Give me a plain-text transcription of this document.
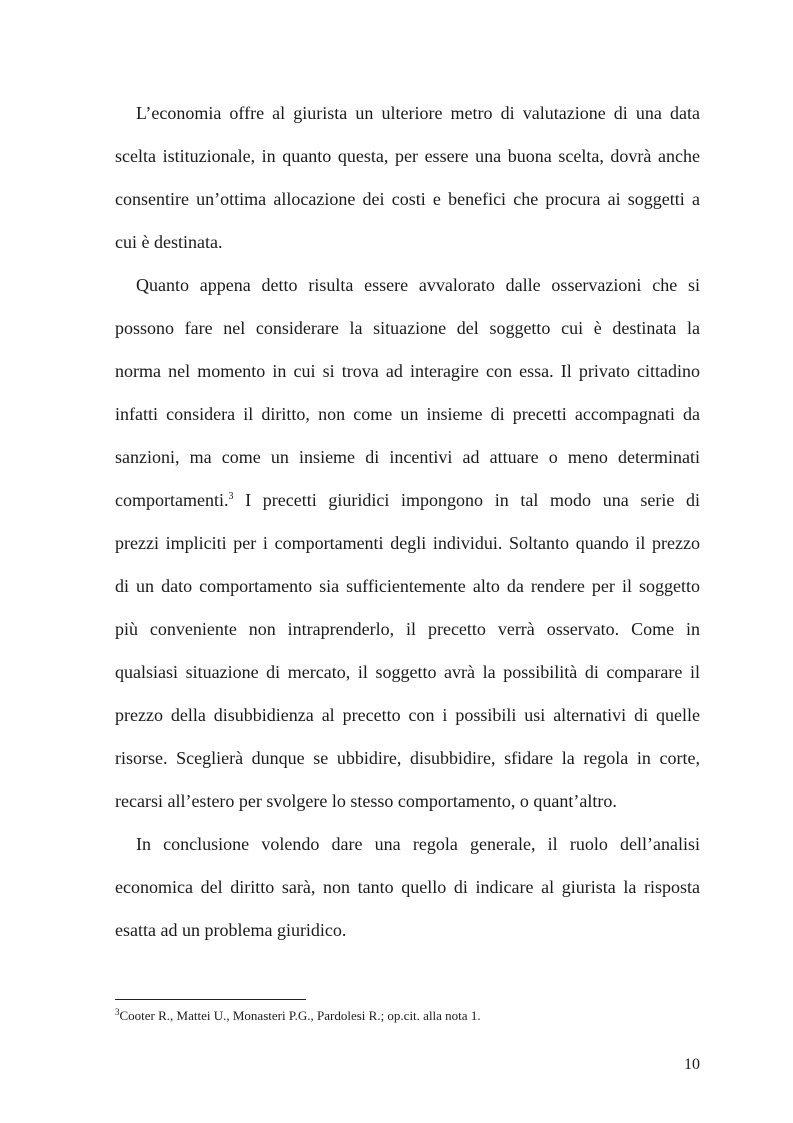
L’economia offre al giurista un ulteriore metro di valutazione di una data
scelta istituzionale, in quanto questa, per essere una buona scelta, dovrà anche
consentire un’ottima allocazione dei costi e benefici che procura ai soggetti a
cui è destinata.
Quanto appena detto risulta essere avvalorato dalle osservazioni che si
possono fare nel considerare la situazione del soggetto cui è destinata la
norma nel momento in cui si trova ad interagire con essa. Il privato cittadino
infatti considera il diritto, non come un insieme di precetti accompagnati da
sanzioni, ma come un insieme di incentivi ad attuare o meno determinati
comportamenti.$^3$ I precetti giuridici impongono in tal modo una serie di
prezzi impliciti per i comportamenti degli individui. Soltanto quando il prezzo
di un dato comportamento sia sufficientemente alto da rendere per il soggetto
più conveniente non intraprenderlo, il precetto verrà osservato. Come in
qualsiasi situazione di mercato, il soggetto avrà la possibilità di comparare il
prezzo della disubbidienza al precetto con i possibili usi alternativi di quelle
risorse. Sceglierà dunque se ubbidire, disubbidire, sfidare la regola in corte,
recarsi all’estero per svolgere lo stesso comportamento, o quant’altro.
In conclusione volendo dare una regola generale, il ruolo dell’analisi
economica del diritto sarà, non tanto quello di indicare al giurista la risposta
esatta ad un problema giuridico.
$^3$Cooter R., Mattei U., Monasteri P.G., Pardolesi R.; op.cit. alla nota 1.
10
